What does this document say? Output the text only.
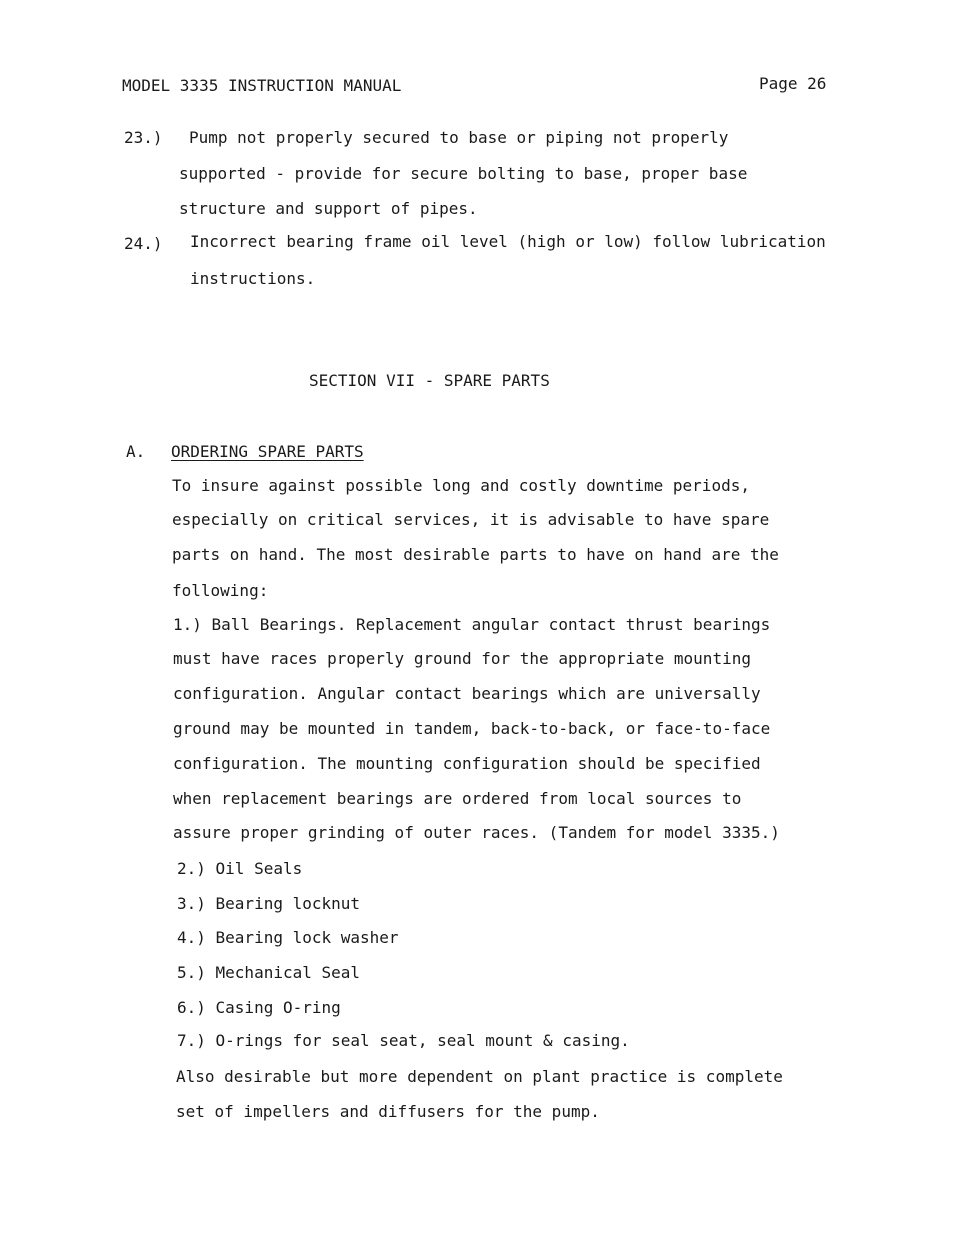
MODEL 3335 INSTRUCTION MANUAL	Page 26
23.) Pump not properly secured to base or piping not properly
supported - provide for secure bolting to base, proper base
structure and support of pipes.
24.) Incorrect bearing frame oil level (high or low) follow lubrication
instructions.
SECTION VII - SPARE PARTS
A. ORDERING SPARE PARTS
To insure against possible long and costly downtime periods,
especially on critical services, it is advisable to have spare
parts on hand. The most desirable parts to have on hand are the
following:
1.) Ball Bearings. Replacement angular contact thrust bearings
must have races properly ground for the appropriate mounting
configuration. Angular contact bearings which are universally
ground may be mounted in tandem, back-to-back, or face-to-face
configuration. The mounting configuration should be specified
when replacement bearings are ordered from local sources to
assure proper grinding of outer races. (Tandem for model 3335.)
2.) Oil Seals
3.) Bearing locknut
4.) Bearing lock washer
5.) Mechanical Seal
6.) Casing O-ring
7.) O-rings for seal seat, seal mount & casing.
Also desirable but more dependent on plant practice is complete
set of impellers and diffusers for the pump.
